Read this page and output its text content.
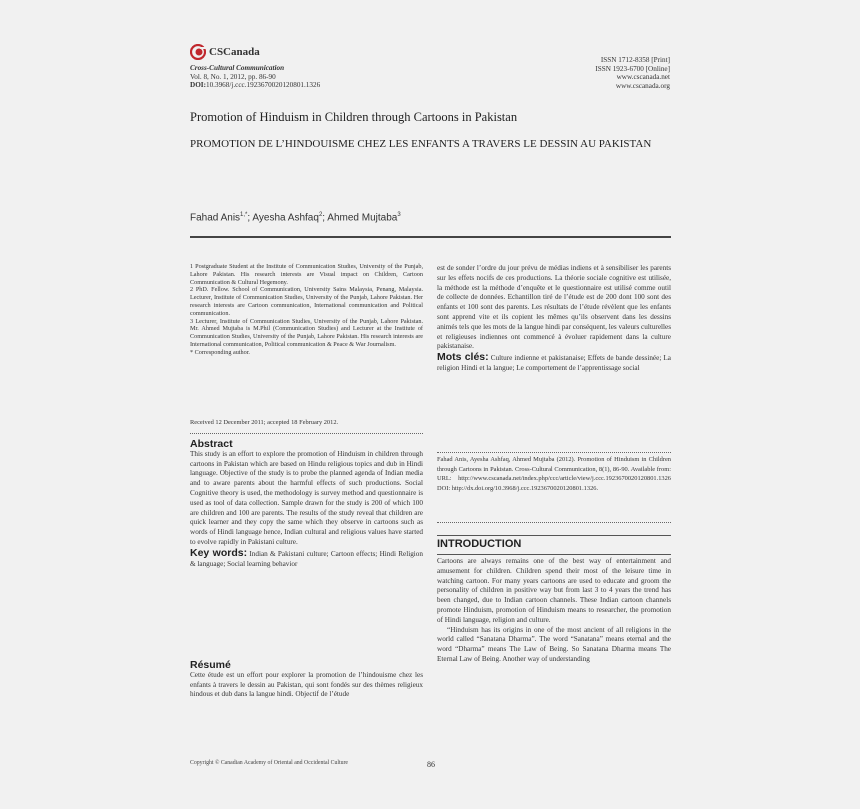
CSCanada
Cross-Cultural Communication
Vol. 8, No. 1, 2012, pp. 86-90
DOI:10.3968/j.ccc.1923670020120801.1326
ISSN 1712-8358 [Print]
ISSN 1923-6700 [Online]
www.cscanada.net
www.cscanada.org
Promotion of Hinduism in Children through Cartoons in Pakistan
PROMOTION DE L’HINDOUISME CHEZ LES ENFANTS A TRAVERS LE DESSIN AU PAKISTAN
Fahad Anis$^{1,*}$; Ayesha Ashfaq$^2$; Ahmed Mujtaba$^3$

1 Postgraduate Student at the Institute of Communication Studies, University of the Punjab, Lahore Pakistan. His research interests are Visual impact on Children, Cartoon Communication & Cultural Hegemony.

2 PhD. Fellow. School of Communication, University Sains Malaysia, Penang, Malaysia. Lecturer, Institute of Communication Studies, University of the Punjab, Lahore Pakistan. Her research interests are Cartoon communication, International communication and Political communication.

3 Lecturer, Institute of Communication Studies, University of the Punjab, Lahore Pakistan. Mr. Ahmed Mujtaba is M.Phil (Communication Studies) and Lecturer at the Institute of Communication Studies, University of the Punjab, Lahore Pakistan. His research interests are International communication, Political communication & Peace & War Journalism.

* Corresponding author.

Received 12 December 2011; accepted 18 February 2012.
Abstract

This study is an effort to explore the promotion of Hinduism in children through cartoons in Pakistan which are based on Hindu religious topics and dub in Hindi language. Objective of the study is to probe the planned agenda of Indian media and to aware parents about the harmful effects of such productions. Social Cognitive theory is used, the methodology is survey method and questionnaire is used as tool of data collection. Sample drawn for the study is 200 of which 100 are children and 100 are parents. The results of the study reveal that children are quick learner and they copy the same which they observe in cartoons such as words of Hindi language hence, Indian cultural and religious values have started to evolve rapidly in Pakistani culture.

Key words: Indian & Pakistani culture; Cartoon effects; Hindi Religion & language; Social learning behavior

Résumé

Cette étude est un effort pour explorer la promotion de l’hindouisme chez les enfants à travers le dessin au Pakistan, qui sont fondés sur des thèmes religieux hindous et dub dans la langue hindi. Objectif de l’étude

est de sonder l’ordre du jour prévu de médias indiens et à sensibiliser les parents sur les effets nocifs de ces productions. La théorie sociale cognitive est utilisée, la méthode est la méthode d’enquête et le questionnaire est utilisé comme outil de collecte de données. Echantillon tiré de l’étude est de 200 dont 100 sont des enfants et 100 sont des parents. Les résultats de l’étude révèlent que les enfants sont apprend vite et ils copient les mêmes qu’ils observent dans les dessins animés tels que les mots de la langue hindi par conséquent, les valeurs culturelles et religieuses indiennes ont commencé à évoluer rapidement dans la culture pakistanaise.

Mots clés: Culture indienne et pakistanaise; Effets de bande dessinée; La religion Hindi et la langue; Le comportement de l’apprentissage social

Fahad Anis, Ayesha Ashfaq, Ahmed Mujtaba (2012). Promotion of Hinduism in Children through Cartoons in Pakistan. Cross-Cultural Communication, 8(1), 86-90. Available from: URL: http://www.cscanada.net/index.php/ccc/article/view/j.ccc.1923670020120801.1326 DOI: http://dx.doi.org/10.3968/j.ccc.1923670020120801.1326.
INTRODUCTION

Cartoons are always remains one of the best way of entertainment and amusement for children. Children spend their most of the leisure time in watching cartoon. For many years cartoons are used to educate and groom the personality of children in positive way but from last 3 to 4 years the trend has been changed, due to Indian cartoon channels. These Indian cartoon channels promote Hinduism, promotion of Hinduism means to researcher, the promotion of Hindi language, religion and culture.

“Hinduism has its origins in one of the most ancient of all religions in the world called “Sanatana Dharma”. The word “Sanatana” means eternal and the word “Dharma” means The Law of Being. So Sanatana Dharma means The Eternal Law of Being. Another way of understanding

Copyright © Canadian Academy of Oriental and Occidental Culture	86
